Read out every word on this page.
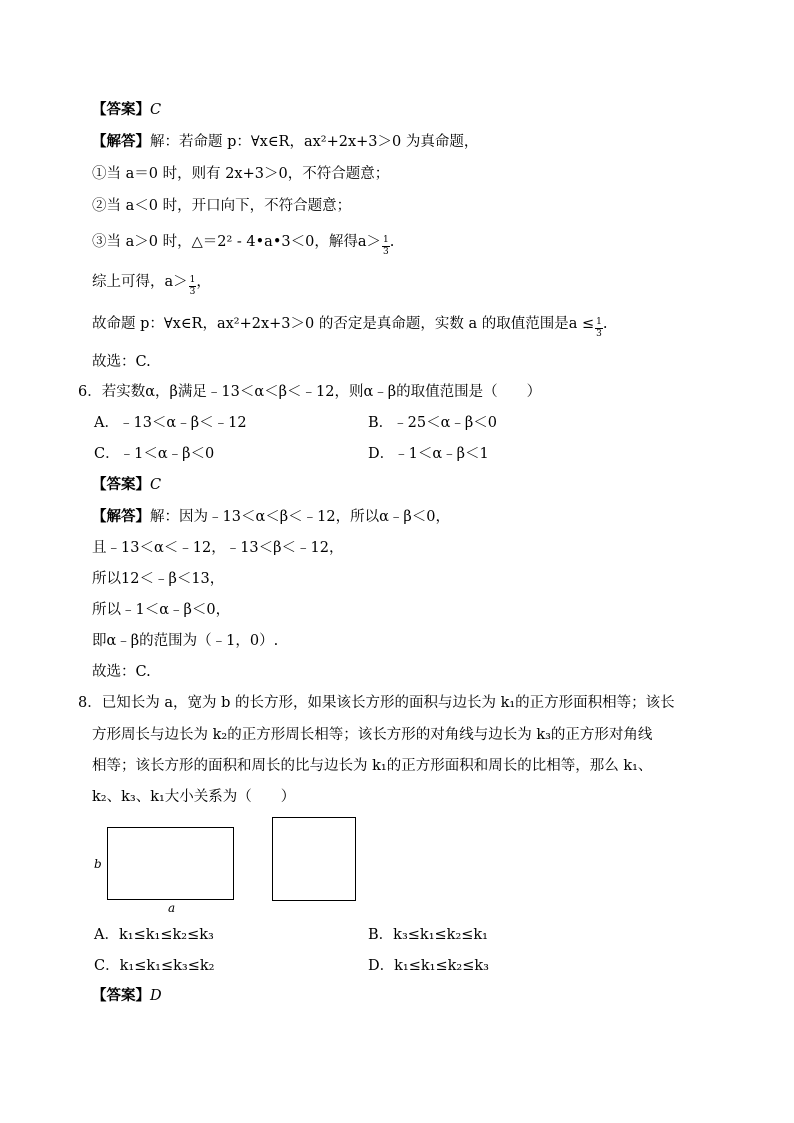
【答案】C
【解答】解：若命题 p：∀x∈R，ax²+2x+3＞0 为真命题，
①当 a＝0 时，则有 2x+3＞0，不符合题意；
②当 a＜0 时，开口向下，不符合题意；
③当 a＞0 时，△＝2² - 4•a•3＜0，解得$a> \frac{1}{3}$ .
综上可得，$a> \frac{1}{3}$ ，
故命题 p：∀x∈R，ax²+2x+3＞0 的否定是真命题，实数 a 的取值范围是$a \le \frac{1}{3}$ .
故选：C.
6．若实数α，β满足﹣13＜α＜β＜﹣12，则α﹣β的取值范围是（　　）
A．﹣13＜α﹣β＜﹣12	B．﹣25＜α﹣β＜0
C．﹣1＜α﹣β＜0	D．﹣1＜α﹣β＜1
【答案】C
【解答】解：因为﹣13＜α＜β＜﹣12，所以α﹣β＜0，
且﹣13＜α＜﹣12，﹣13＜β＜﹣12，
所以12＜﹣β＜13，
所以﹣1＜α﹣β＜0，
即α﹣β的范围为（﹣1，0）.
故选：C.
8．已知长为 a，宽为 b 的长方形，如果该长方形的面积与边长为 k₁的正方形面积相等；该长
方形周长与边长为 k₂的正方形周长相等；该长方形的对角线与边长为 k₃的正方形对角线
相等；该长方形的面积和周长的比与边长为 k₁的正方形面积和周长的比相等，那么 k₁、
k₂、k₃、k₁大小关系为（　　）
b
a
A．k₁≤k₁≤k₂≤k₃	B．k₃≤k₁≤k₂≤k₁
C．k₁≤k₁≤k₃≤k₂	D．k₁≤k₁≤k₂≤k₃
【答案】D
